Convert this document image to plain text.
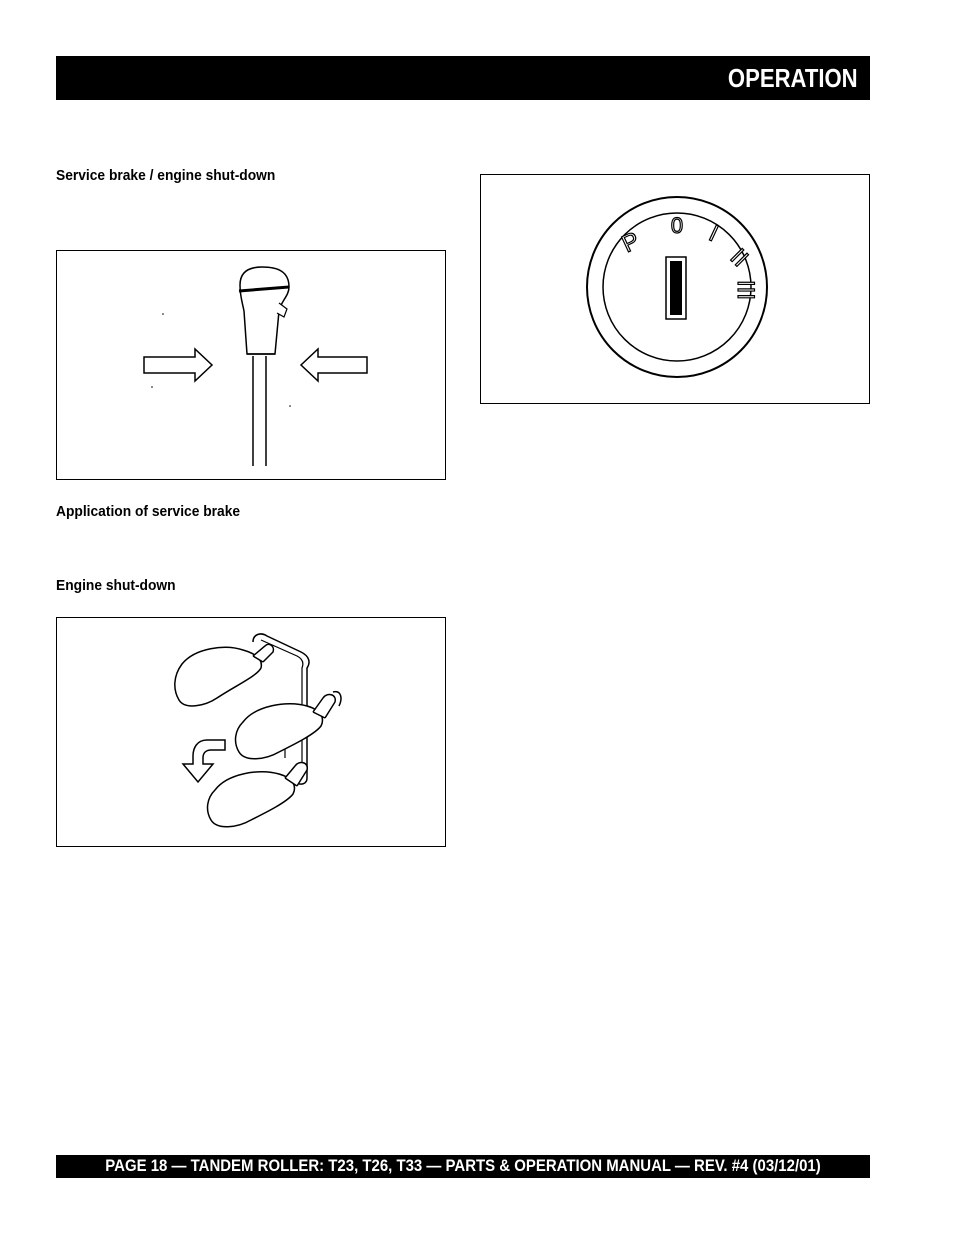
OPERATION
Service brake / engine shut-down
Application of service brake
Engine shut-down
P
0 I
II
III
PAGE 18 — TANDEM ROLLER: T23, T26, T33 — PARTS & OPERATION MANUAL — REV. #4 (03/12/01)
